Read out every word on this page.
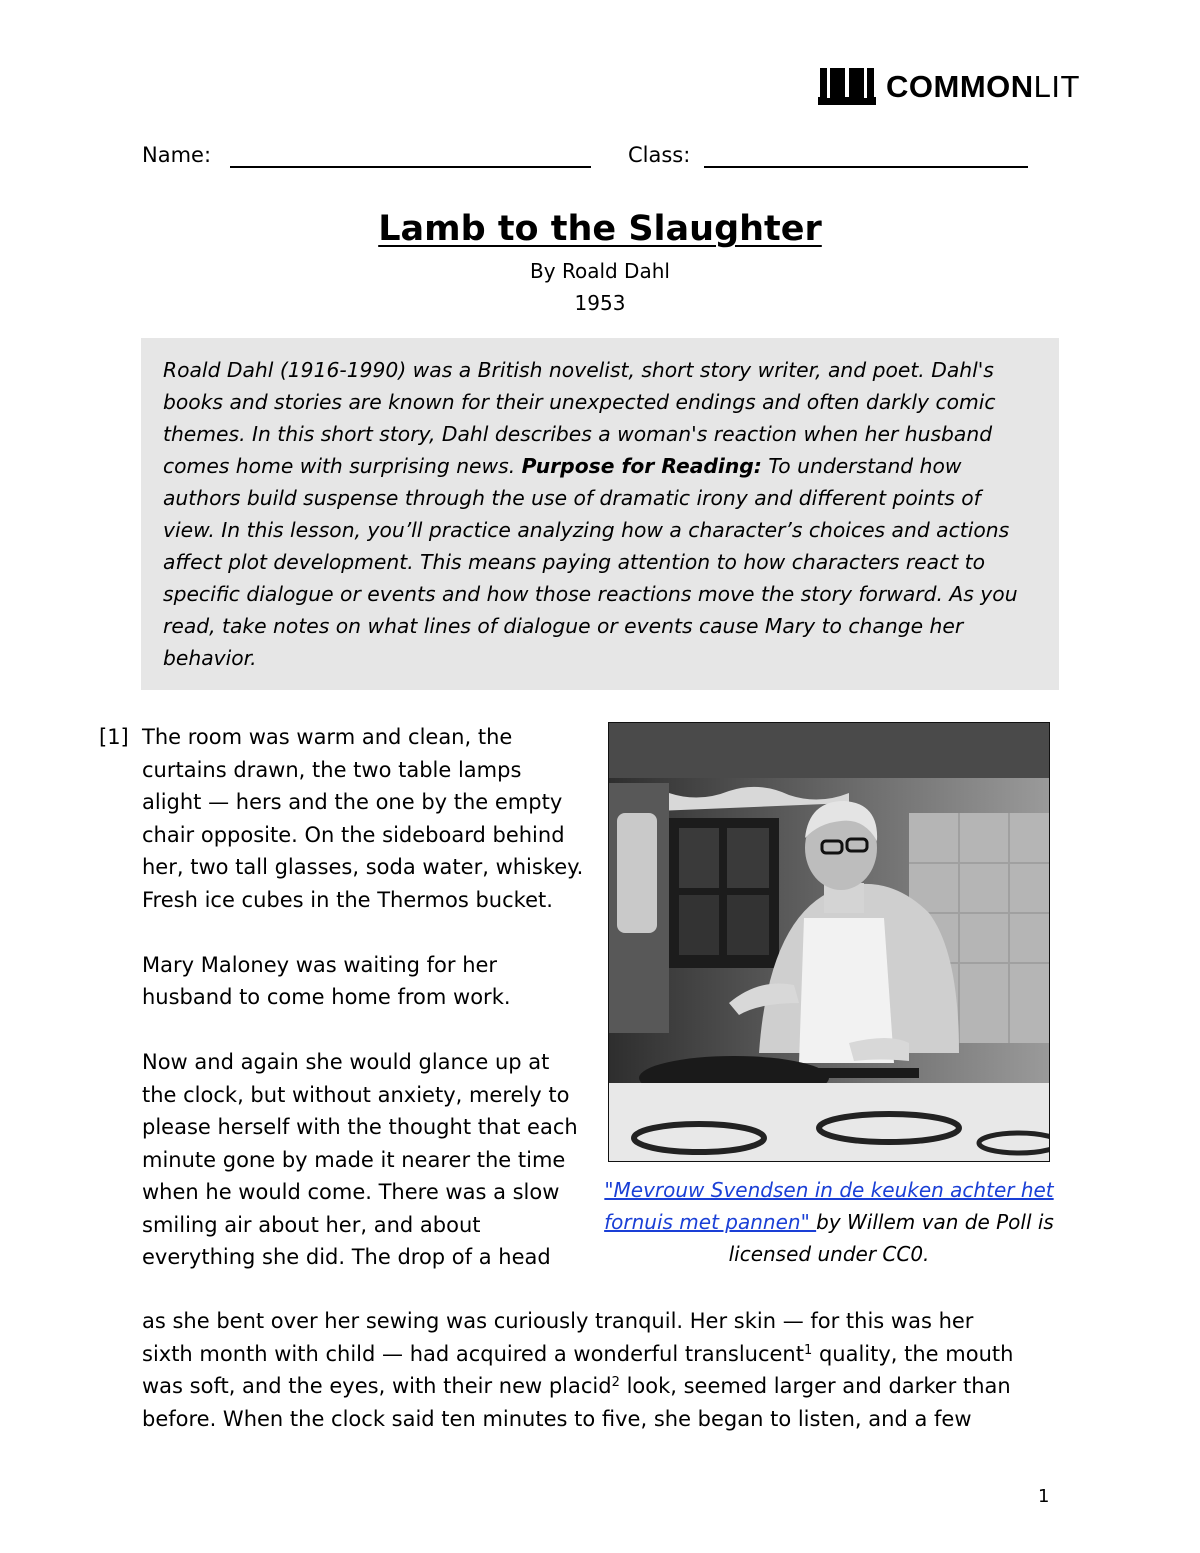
COMMONLIT
Name:	Class:
Lamb to the Slaughter
By Roald Dahl
1953
Roald Dahl (1916-1990) was a British novelist, short story writer, and poet. Dahl's books and stories are known for their unexpected endings and often darkly comic themes. In this short story, Dahl describes a woman's reaction when her husband comes home with surprising news. Purpose for Reading: To understand how authors build suspense through the use of dramatic irony and different points of view. In this lesson, you’ll practice analyzing how a character’s choices and actions affect plot development. This means paying attention to how characters react to specific dialogue or events and how those reactions move the story forward. As you read, take notes on what lines of dialogue or events cause Mary to change her behavior.
[1] The room was warm and clean, the curtains drawn, the two table lamps alight — hers and the one by the empty chair opposite. On the sideboard behind her, two tall glasses, soda water, whiskey. Fresh ice cubes in the Thermos bucket.

Mary Maloney was waiting for her husband to come home from work.

Now and again she would glance up at the clock, but without anxiety, merely to please herself with the thought that each minute gone by made it nearer the time when he would come. There was a slow smiling air about her, and about everything she did. The drop of a head

"Mevrouw Svendsen in de keuken achter het fornuis met pannen" by Willem van de Poll is licensed under CC0.
as she bent over her sewing was curiously tranquil. Her skin — for this was her
sixth month with child — had acquired a wonderful translucent$^1$ quality, the mouth
was soft, and the eyes, with their new placid$^2$ look, seemed larger and darker than
before. When the clock said ten minutes to five, she began to listen, and a few
1
